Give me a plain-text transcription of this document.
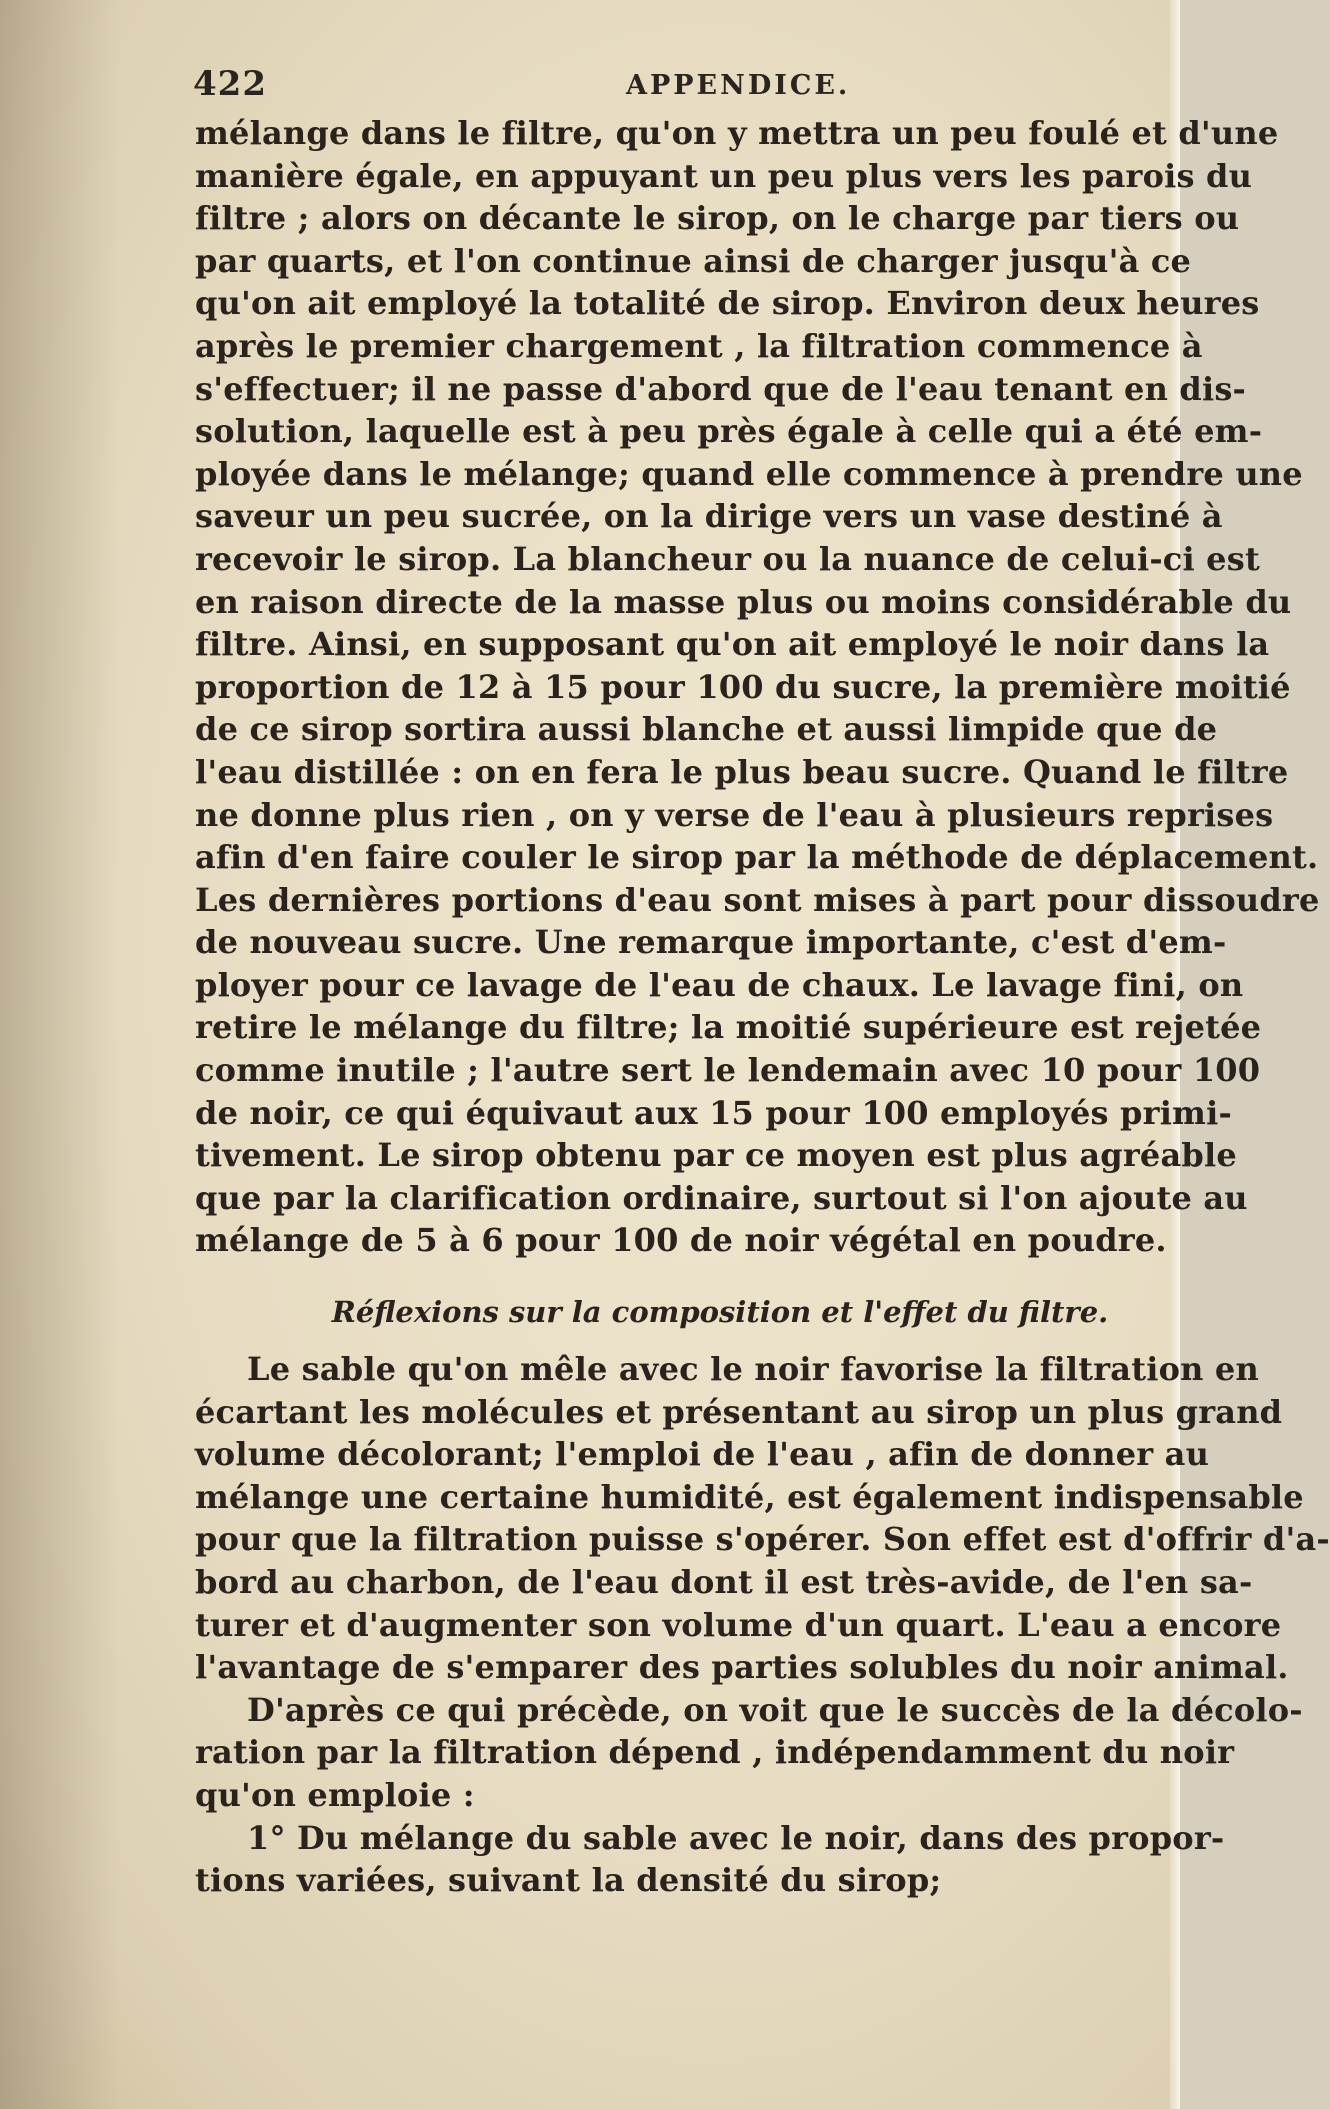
422	APPENDICE.
mélange dans le filtre, qu'on y mettra un peu foulé et d'une
manière égale, en appuyant un peu plus vers les parois du
filtre ; alors on décante le sirop, on le charge par tiers ou
par quarts, et l'on continue ainsi de charger jusqu'à ce
qu'on ait employé la totalité de sirop. Environ deux heures
après le premier chargement , la filtration commence à
s'effectuer; il ne passe d'abord que de l'eau tenant en dis-
solution, laquelle est à peu près égale à celle qui a été em-
ployée dans le mélange; quand elle commence à prendre une
saveur un peu sucrée, on la dirige vers un vase destiné à
recevoir le sirop. La blancheur ou la nuance de celui-ci est
en raison directe de la masse plus ou moins considérable du
filtre. Ainsi, en supposant qu'on ait employé le noir dans la
proportion de 12 à 15 pour 100 du sucre, la première moitié
de ce sirop sortira aussi blanche et aussi limpide que de
l'eau distillée : on en fera le plus beau sucre. Quand le filtre
ne donne plus rien , on y verse de l'eau à plusieurs reprises
afin d'en faire couler le sirop par la méthode de déplacement.
Les dernières portions d'eau sont mises à part pour dissoudre
de nouveau sucre. Une remarque importante, c'est d'em-
ployer pour ce lavage de l'eau de chaux. Le lavage fini, on
retire le mélange du filtre; la moitié supérieure est rejetée
comme inutile ; l'autre sert le lendemain avec 10 pour 100
de noir, ce qui équivaut aux 15 pour 100 employés primi-
tivement. Le sirop obtenu par ce moyen est plus agréable
que par la clarification ordinaire, surtout si l'on ajoute au
mélange de 5 à 6 pour 100 de noir végétal en poudre.
Réflexions sur la composition et l'effet du filtre.
Le sable qu'on mêle avec le noir favorise la filtration en
écartant les molécules et présentant au sirop un plus grand
volume décolorant; l'emploi de l'eau , afin de donner au
mélange une certaine humidité, est également indispensable
pour que la filtration puisse s'opérer. Son effet est d'offrir d'a-
bord au charbon, de l'eau dont il est très-avide, de l'en sa-
turer et d'augmenter son volume d'un quart. L'eau a encore
l'avantage de s'emparer des parties solubles du noir animal.
D'après ce qui précède, on voit que le succès de la décolo-
ration par la filtration dépend , indépendamment du noir
qu'on emploie :
1° Du mélange du sable avec le noir, dans des propor-
tions variées, suivant la densité du sirop;
